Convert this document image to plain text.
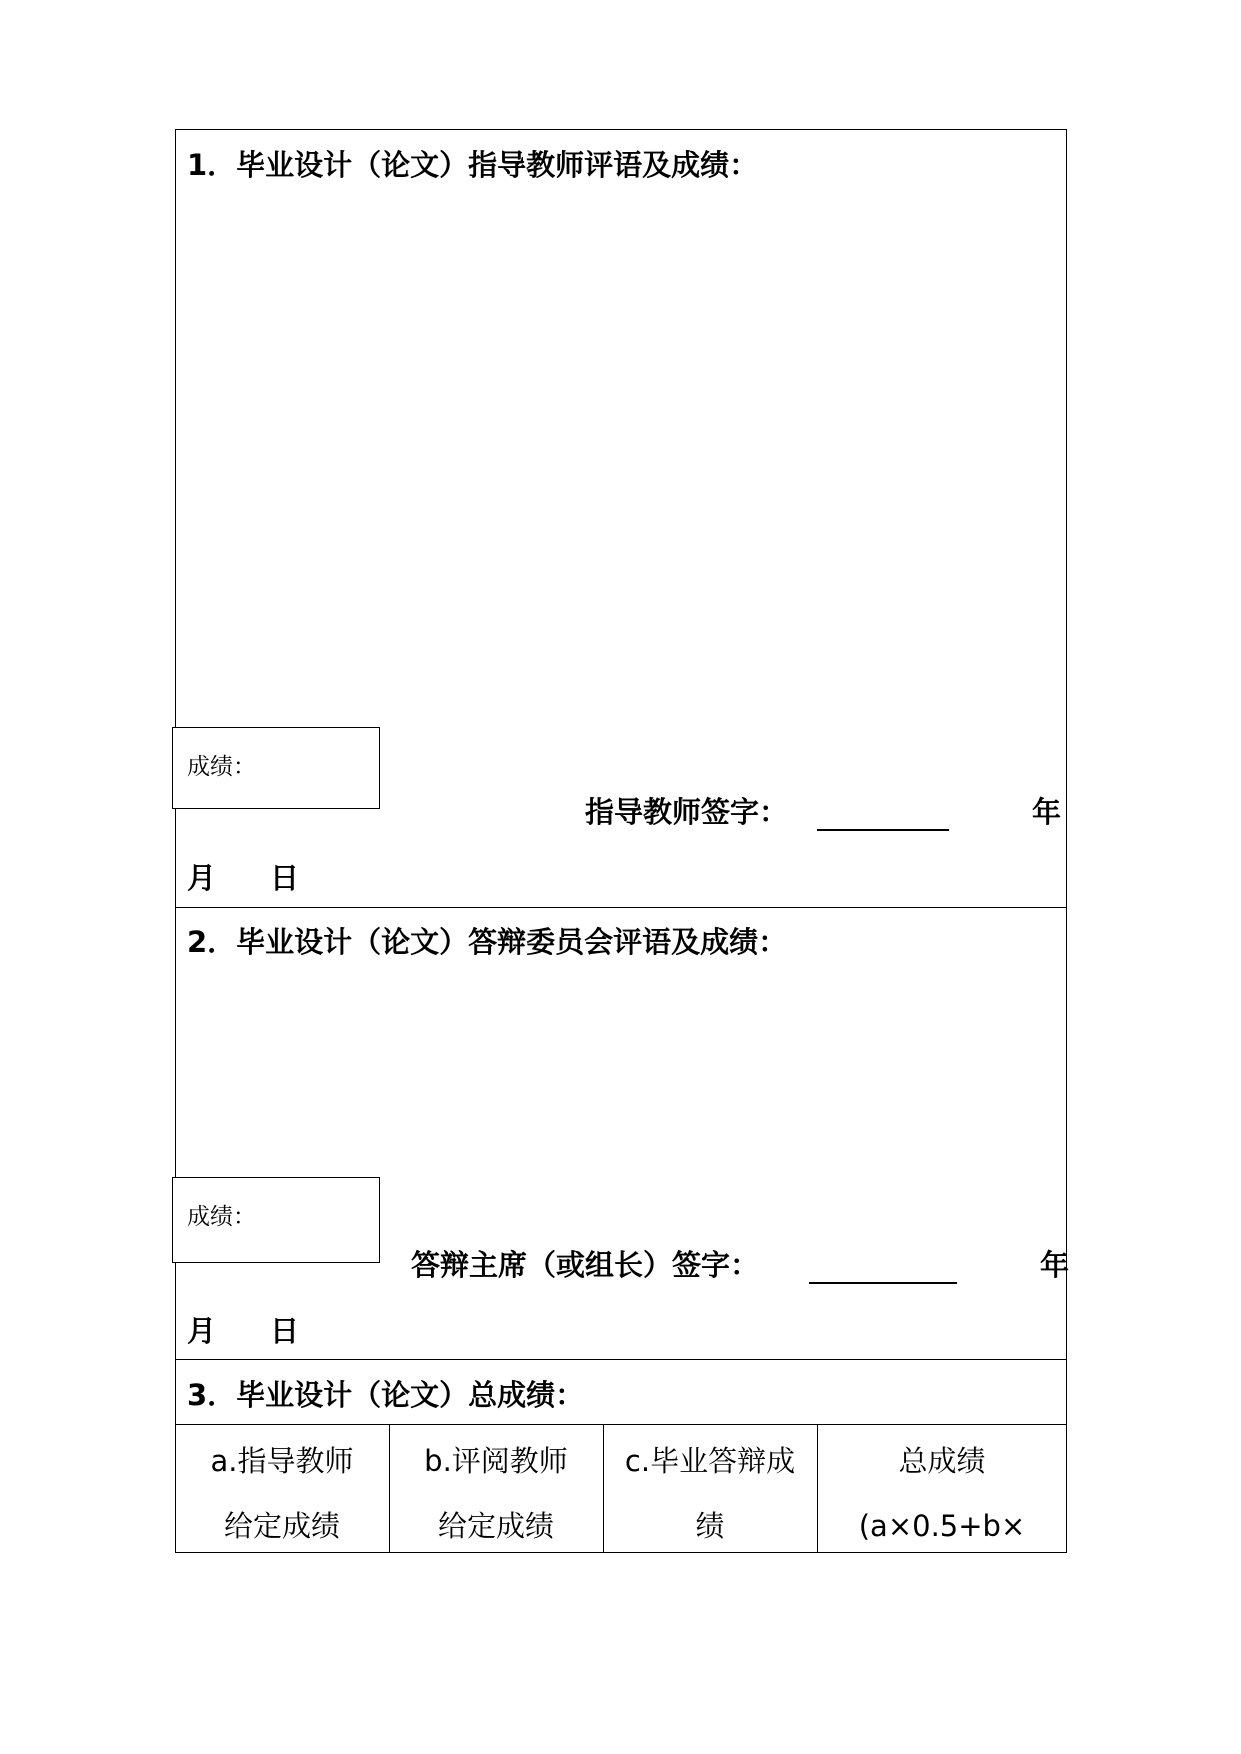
1．毕业设计（论文）指导教师评语及成绩：
成绩：
指导教师签字：	年
月 日
2．毕业设计（论文）答辩委员会评语及成绩：
成绩：
答辩主席（或组长）签字：	年
月 日
3．毕业设计（论文）总成绩：
a.指导教师
给定成绩
b.评阅教师
给定成绩
c.毕业答辩成
绩
总成绩
(a×0.5+b×
